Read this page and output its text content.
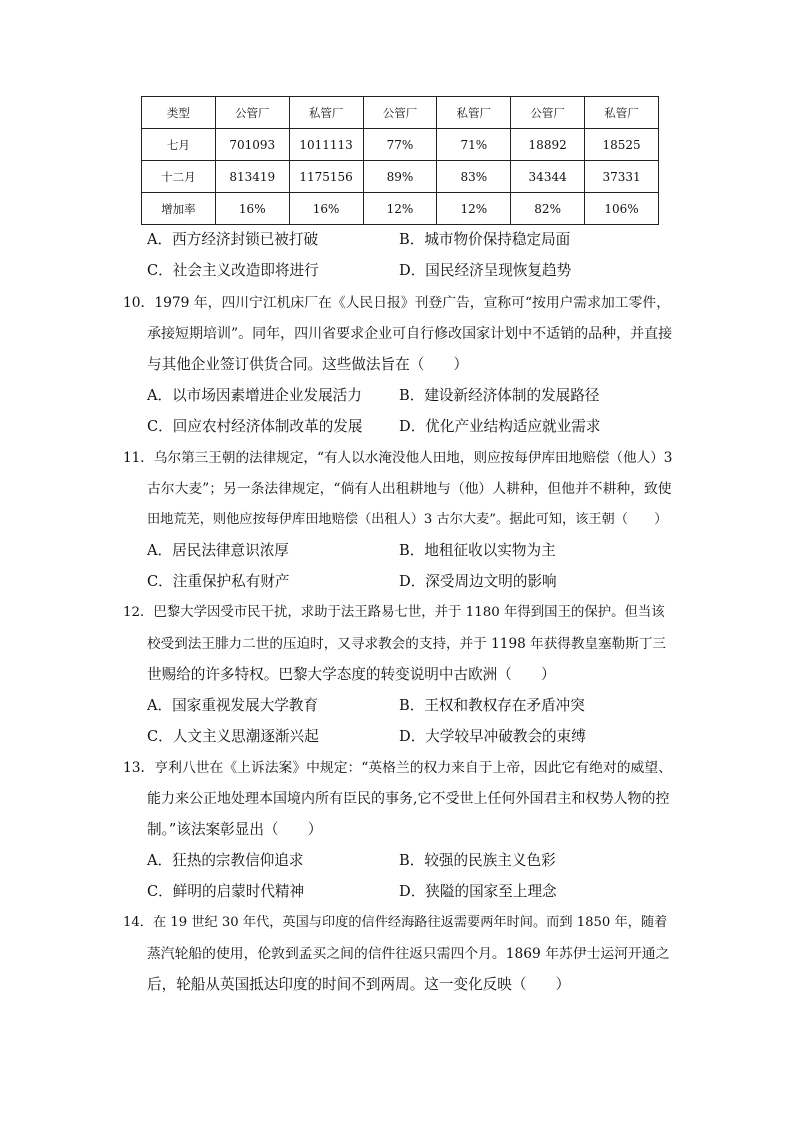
类型	公管厂	私管厂	公管厂	私管厂	公管厂	私管厂
七月	701093	1011113	77%	71%	18892	18525
十二月	813419	1175156	89%	83%	34344	37331
增加率	16%	16%	12%	12%	82%	106%
A．西方经济封锁已被打破	B．城市物价保持稳定局面
C．社会主义改造即将进行	D．国民经济呈现恢复趋势
10．1979 年，四川宁江机床厂在《人民日报》刊登广告，宣称可“按用户需求加工零件，
承接短期培训”。同年，四川省要求企业可自行修改国家计划中不适销的品种，并直接
与其他企业签订供货合同。这些做法旨在（　　）
A．以市场因素增进企业发展活力	B．建设新经济体制的发展路径
C．回应农村经济体制改革的发展	D．优化产业结构适应就业需求
11．乌尔第三王朝的法律规定，“有人以水淹没他人田地，则应按每伊库田地赔偿（他人）3
古尔大麦”；另一条法律规定，“倘有人出租耕地与（他）人耕种，但他并不耕种，致使
田地荒芜，则他应按每伊库田地赔偿（出租人）3 古尔大麦”。据此可知，该王朝（　　）
A．居民法律意识浓厚	B．地租征收以实物为主
C．注重保护私有财产	D．深受周边文明的影响
12．巴黎大学因受市民干扰，求助于法王路易七世，并于 1180 年得到国王的保护。但当该
校受到法王腓力二世的压迫时，又寻求教会的支持，并于 1198 年获得教皇塞勒斯丁三
世赐给的许多特权。巴黎大学态度的转变说明中古欧洲（　　）
A．国家重视发展大学教育	B．王权和教权存在矛盾冲突
C．人文主义思潮逐渐兴起	D．大学较早冲破教会的束缚
13．亨利八世在《上诉法案》中规定：“英格兰的权力来自于上帝，因此它有绝对的威望、
能力来公正地处理本国境内所有臣民的事务,它不受世上任何外国君主和权势人物的控
制。”该法案彰显出（　　）
A．狂热的宗教信仰追求	B．较强的民族主义色彩
C．鲜明的启蒙时代精神	D．狭隘的国家至上理念
14．在 19 世纪 30 年代，英国与印度的信件经海路往返需要两年时间。而到 1850 年，随着
蒸汽轮船的使用，伦敦到孟买之间的信件往返只需四个月。1869 年苏伊士运河开通之
后，轮船从英国抵达印度的时间不到两周。这一变化反映（　　）
